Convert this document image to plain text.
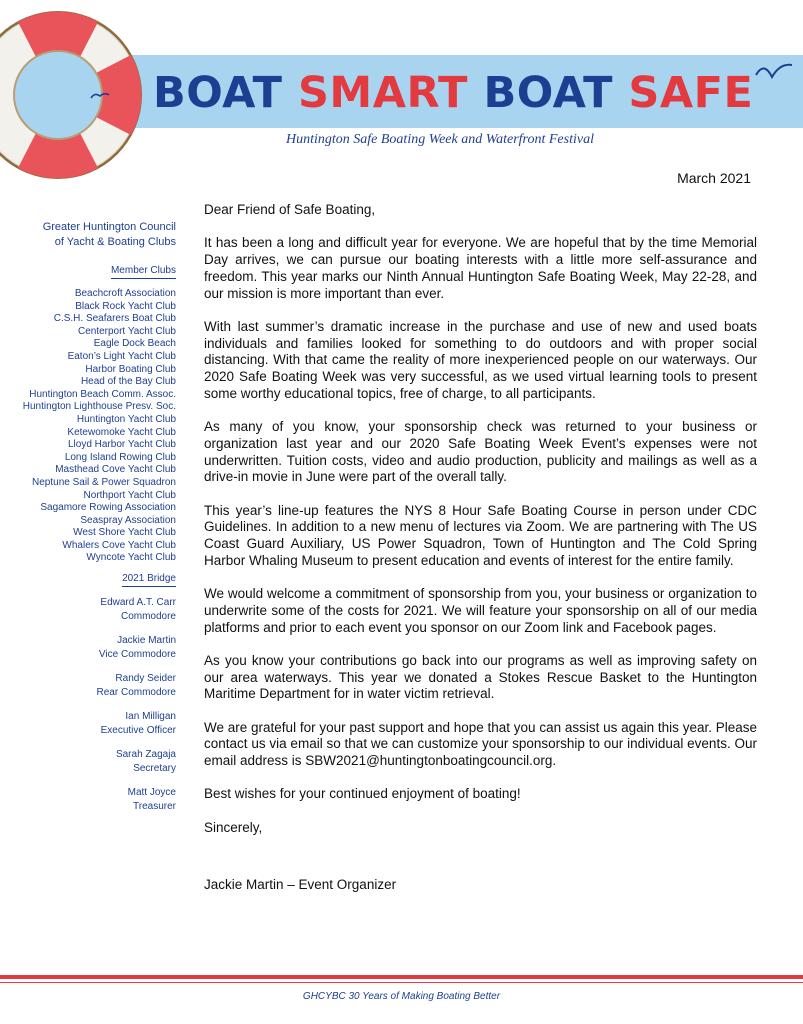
BOAT SMART BOAT SAFE

Huntington Safe Boating Week and Waterfront Festival

March 2021
Greater Huntington Council
of Yacht & Boating Clubs
Member Clubs
Beachcroft Association
Black Rock Yacht Club
C.S.H. Seafarers Boat Club
Centerport Yacht Club
Eagle Dock Beach
Eaton’s Light Yacht Club
Harbor Boating Club
Head of the Bay Club
Huntington Beach Comm. Assoc.
Huntington Lighthouse Presv. Soc.
Huntington Yacht Club
Ketewomoke Yacht Club
Lloyd Harbor Yacht Club
Long Island Rowing Club
Masthead Cove Yacht Club
Neptune Sail & Power Squadron
Northport Yacht Club
Sagamore Rowing Association
Seaspray Association
West Shore Yacht Club
Whalers Cove Yacht Club
Wyncote Yacht Club
2021 Bridge
Edward A.T. Carr
Commodore
Jackie Martin
Vice Commodore
Randy Seider
Rear Commodore
Ian Milligan
Executive Officer
Sarah Zagaja
Secretary
Matt Joyce
Treasurer

Dear Friend of Safe Boating,

It has been a long and difficult year for everyone. We are hopeful that by the time Memorial Day arrives, we can pursue our boating interests with a little more self-assurance and freedom. This year marks our Ninth Annual Huntington Safe Boating Week, May 22-28, and our mission is more important than ever.

With last summer’s dramatic increase in the purchase and use of new and used boats individuals and families looked for something to do outdoors and with proper social distancing. With that came the reality of more inexperienced people on our waterways. Our 2020 Safe Boating Week was very successful, as we used virtual learning tools to present some worthy educational topics, free of charge, to all participants.

As many of you know, your sponsorship check was returned to your business or organization last year and our 2020 Safe Boating Week Event’s expenses were not underwritten. Tuition costs, video and audio production, publicity and mailings as well as a drive-in movie in June were part of the overall tally.

This year’s line-up features the NYS 8 Hour Safe Boating Course in person under CDC Guidelines. In addition to a new menu of lectures via Zoom. We are partnering with The US Coast Guard Auxiliary, US Power Squadron, Town of Huntington and The Cold Spring Harbor Whaling Museum to present education and events of interest for the entire family.

We would welcome a commitment of sponsorship from you, your business or organization to underwrite some of the costs for 2021. We will feature your sponsorship on all of our media platforms and prior to each event you sponsor on our Zoom link and Facebook pages.

As you know your contributions go back into our programs as well as improving safety on our area waterways. This year we donated a Stokes Rescue Basket to the Huntington Maritime Department for in water victim retrieval.

We are grateful for your past support and hope that you can assist us again this year. Please contact us via email so that we can customize your sponsorship to our individual events. Our email address is SBW2021@huntingtonboatingcouncil.org.

Best wishes for your continued enjoyment of boating!

Sincerely,

Jackie Martin – Event Organizer

GHCYBC 30 Years of Making Boating Better
